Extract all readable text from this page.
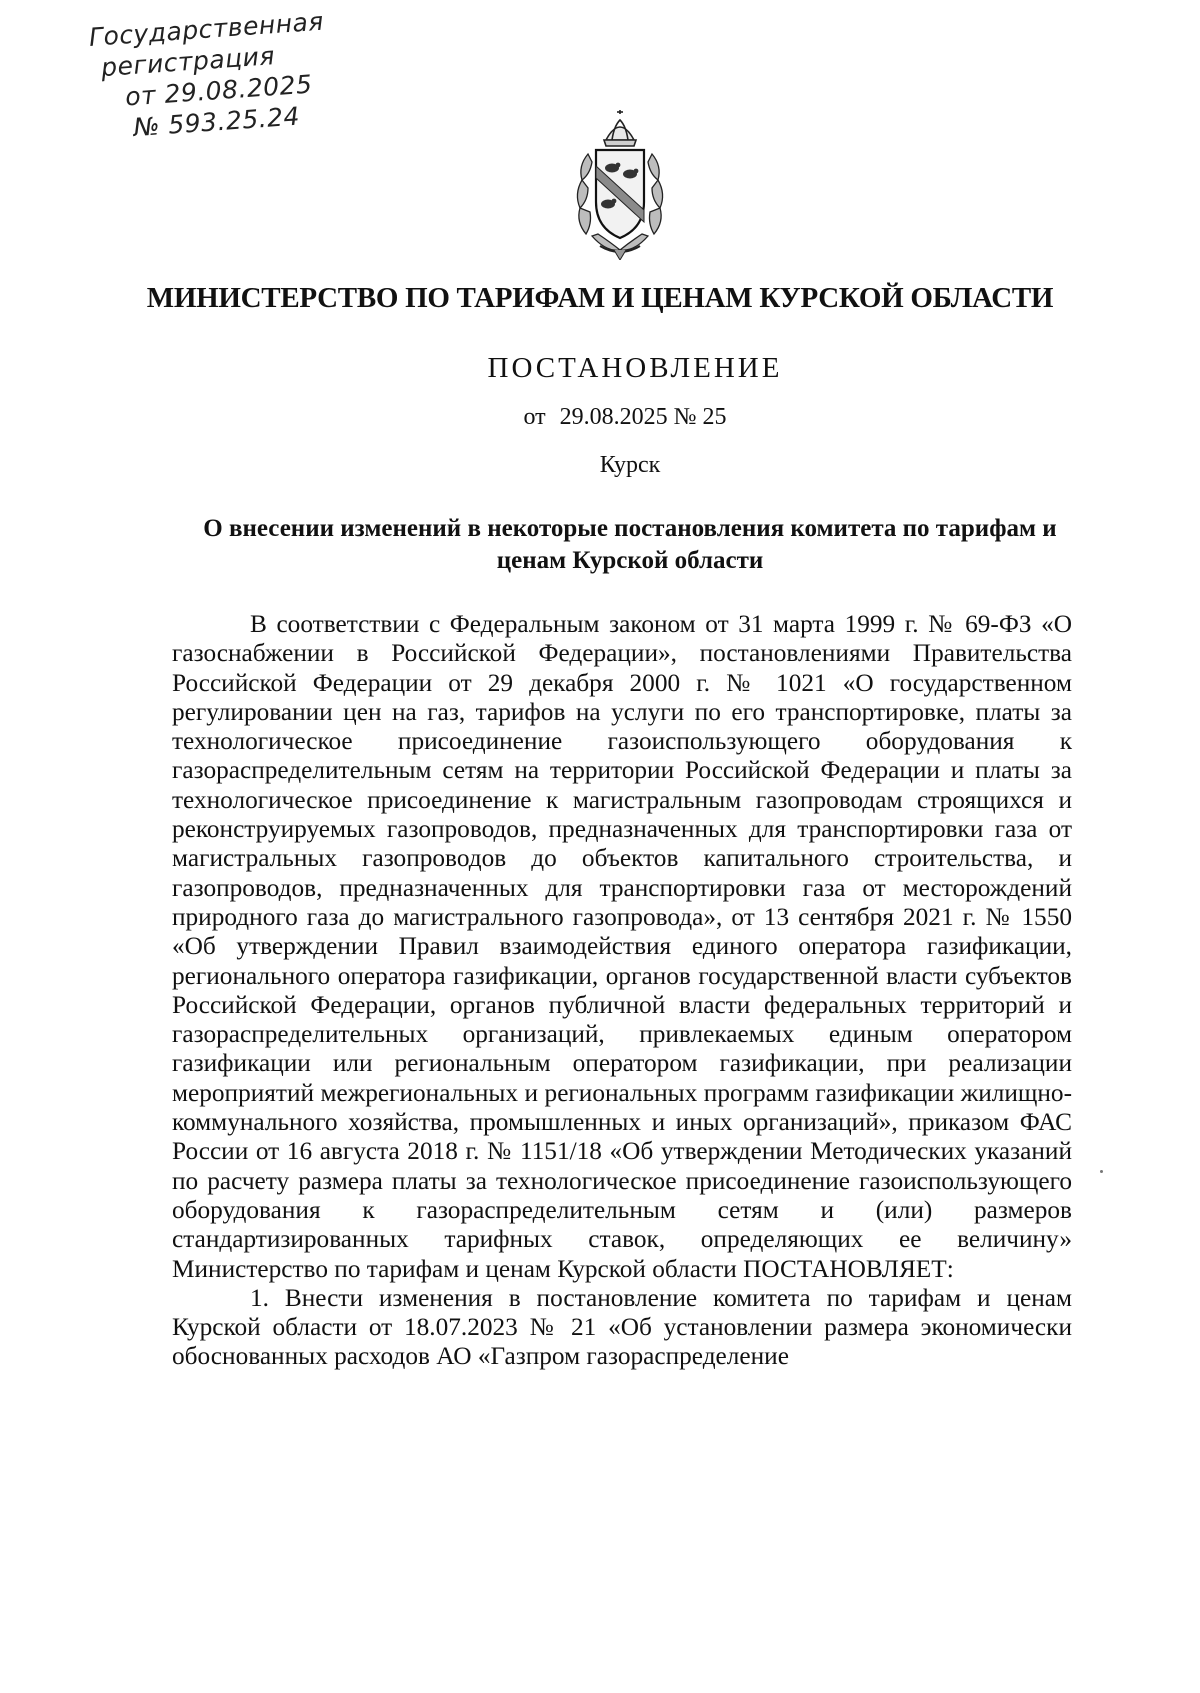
Государственная
регистрация
от 29.08.2025
№ 593.25.24
МИНИСТЕРСТВО ПО ТАРИФАМ И ЦЕНАМ КУРСКОЙ ОБЛАСТИ
ПОСТАНОВЛЕНИЕ
от 29.08.2025 № 25
Курск
О внесении изменений в некоторые постановления комитета по тарифам и ценам Курской области

В соответствии с Федеральным законом от 31 марта 1999 г. № 69-ФЗ «О газоснабжении в Российской Федерации», постановлениями Правительства Российской Федерации от 29 декабря 2000 г. № 1021 «О государственном регулировании цен на газ, тарифов на услуги по его транспортировке, платы за технологическое присоединение газоиспользующего оборудования к газораспределительным сетям на территории Российской Федерации и платы за технологическое присоединение к магистральным газопроводам строящихся и реконструируемых газопроводов, предназначенных для транспортировки газа от магистральных газопроводов до объектов капитального строительства, и газопроводов, предназначенных для транспортировки газа от месторождений природного газа до магистрального газопровода», от 13 сентября 2021 г. № 1550 «Об утверждении Правил взаимодействия единого оператора газификации, регионального оператора газификации, органов государственной власти субъектов Российской Федерации, органов публичной власти федеральных территорий и газораспределительных организаций, привлекаемых единым оператором газификации или региональным оператором газификации, при реализации мероприятий межрегиональных и региональных программ газификации жилищно-коммунального хозяйства, промышленных и иных организаций», приказом ФАС России от 16 августа 2018 г. № 1151/18 «Об утверждении Методических указаний по расчету размера платы за технологическое присоединение газоиспользующего оборудования к газораспределительным сетям и (или) размеров стандартизированных тарифных ставок, определяющих ее величину» Министерство по тарифам и ценам Курской области ПОСТАНОВЛЯЕТ:

1. Внести изменения в постановление комитета по тарифам и ценам Курской области от 18.07.2023 № 21 «Об установлении размера экономически обоснованных расходов АО «Газпром газораспределение
